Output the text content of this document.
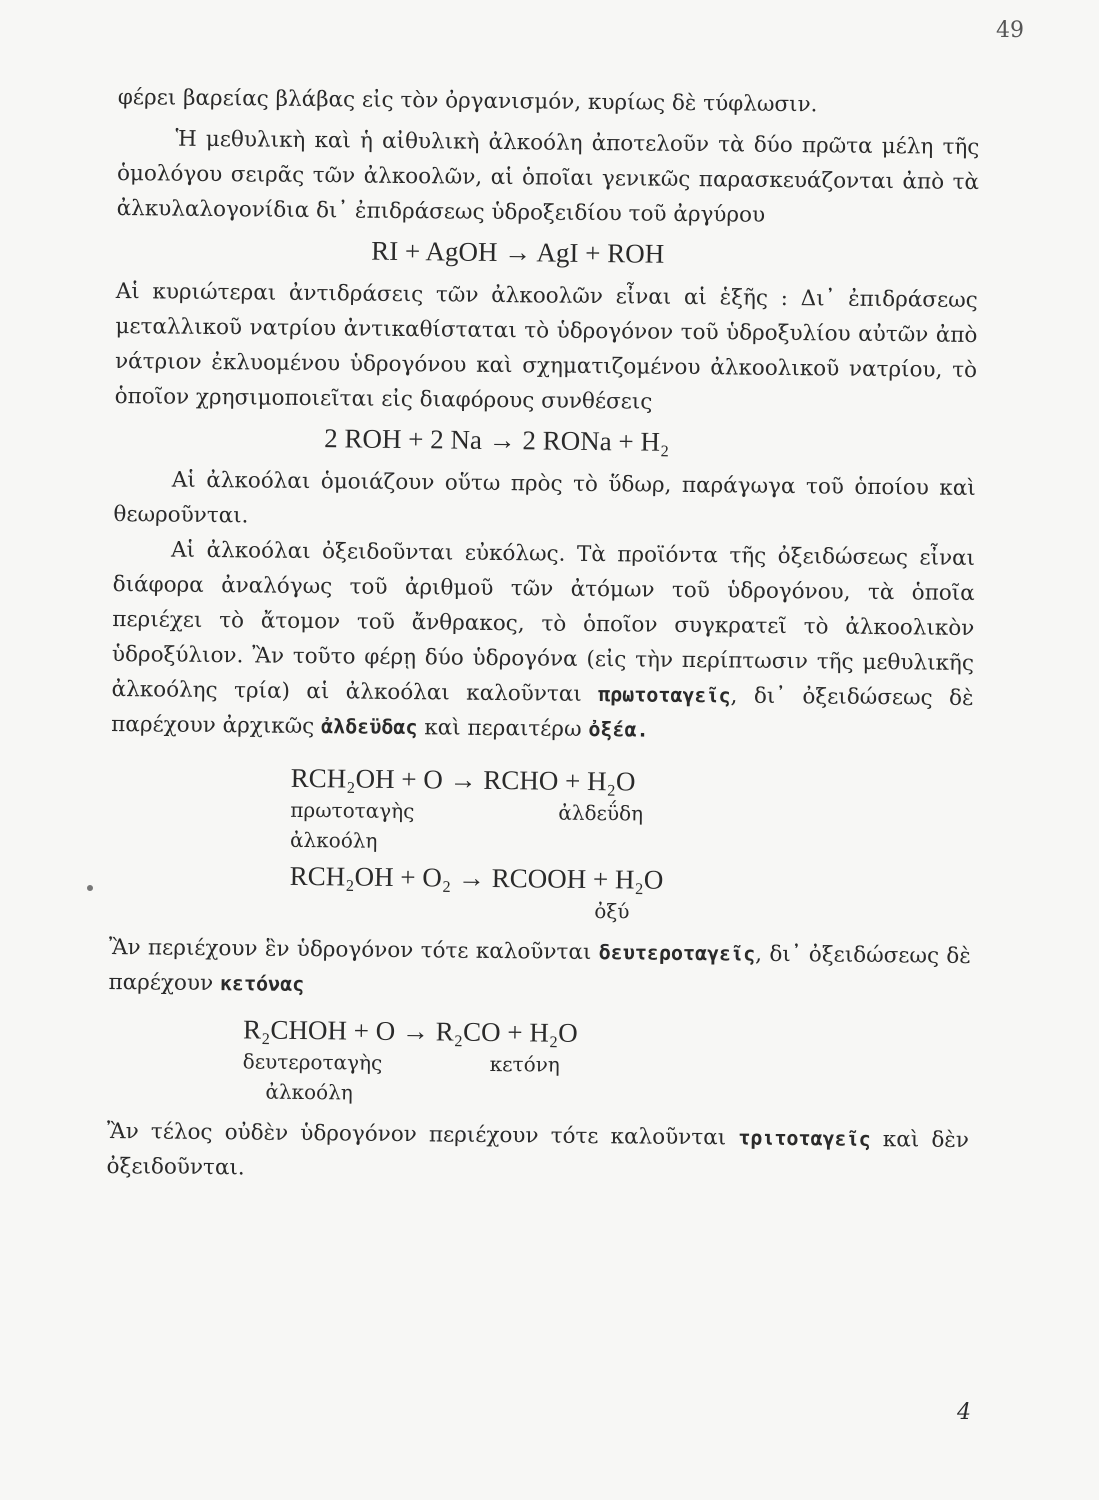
49

φέρει βαρείας βλάβας εἰς τὸν ὀργανισμόν, κυρίως δὲ τύφλωσιν.

Ἡ μεθυλικὴ καὶ ἡ αἰθυλικὴ ἀλκοόλη ἀποτελοῦν τὰ δύο πρῶτα μέλη τῆς ὁμολόγου σειρᾶς τῶν ἀλκοολῶν, αἱ ὁποῖαι γενικῶς παρασκευάζονται ἀπὸ τὰ ἀλκυλαλογονίδια δι᾽ ἐπιδράσεως ὑδροξειδίου τοῦ ἀργύρου

RI + AgOH → AgI + ROH

Αἱ κυριώτεραι ἀντιδράσεις τῶν ἀλκοολῶν εἶναι αἱ ἑξῆς : Δι᾽ ἐπιδράσεως μεταλλικοῦ νατρίου ἀντικαθίσταται τὸ ὑδρογόνον τοῦ ὑδροξυλίου αὐτῶν ἀπὸ νάτριον ἐκλυομένου ὑδρογόνου καὶ σχηματιζομένου ἀλκοολικοῦ νατρίου, τὸ ὁποῖον χρησιμοποιεῖται εἰς διαφόρους συνθέσεις

2 ROH + 2 Na → 2 RONa + H₂

Αἱ ἀλκοόλαι ὁμοιάζουν οὕτω πρὸς τὸ ὕδωρ, παράγωγα τοῦ ὁποίου καὶ θεωροῦνται.

Αἱ ἀλκοόλαι ὀξειδοῦνται εὐκόλως. Τὰ προϊόντα τῆς ὀξειδώσεως εἶναι διάφορα ἀναλόγως τοῦ ἀριθμοῦ τῶν ἀτόμων τοῦ ὑδρογόνου, τὰ ὁποῖα περιέχει τὸ ἄτομον τοῦ ἄνθρακος, τὸ ὁποῖον συγκρατεῖ τὸ ἀλκοολικὸν ὑδροξύλιον. Ἂν τοῦτο φέρῃ δύο ὑδρογόνα (εἰς τὴν περίπτωσιν τῆς μεθυλικῆς ἀλκοόλης τρία) αἱ ἀλκοόλαι καλοῦνται πρωτοταγεῖς, δι᾽ ὀξειδώσεως δὲ παρέχουν ἀρχικῶς ἀλδεϋδας καὶ περαιτέρω ὀξέα.

RCH₂OH + O → RCHO + H₂O
πρωτοταγὴς
ἀλκοόλη
ἀλδεΰδη
RCH₂OH + O₂ → RCOOH + H₂O
ὀξύ

Ἂν περιέχουν ἓν ὑδρογόνον τότε καλοῦνται δευτεροταγεῖς, δι᾽ ὀξειδώσεως δὲ παρέχουν κετόνας

R₂CHOH + O → R₂CO + H₂O
δευτεροταγὴς
ἀλκοόλη
κετόνη

Ἂν τέλος οὐδὲν ὑδρογόνον περιέχουν τότε καλοῦνται τριτοταγεῖς καὶ δὲν ὀξειδοῦνται.

4
